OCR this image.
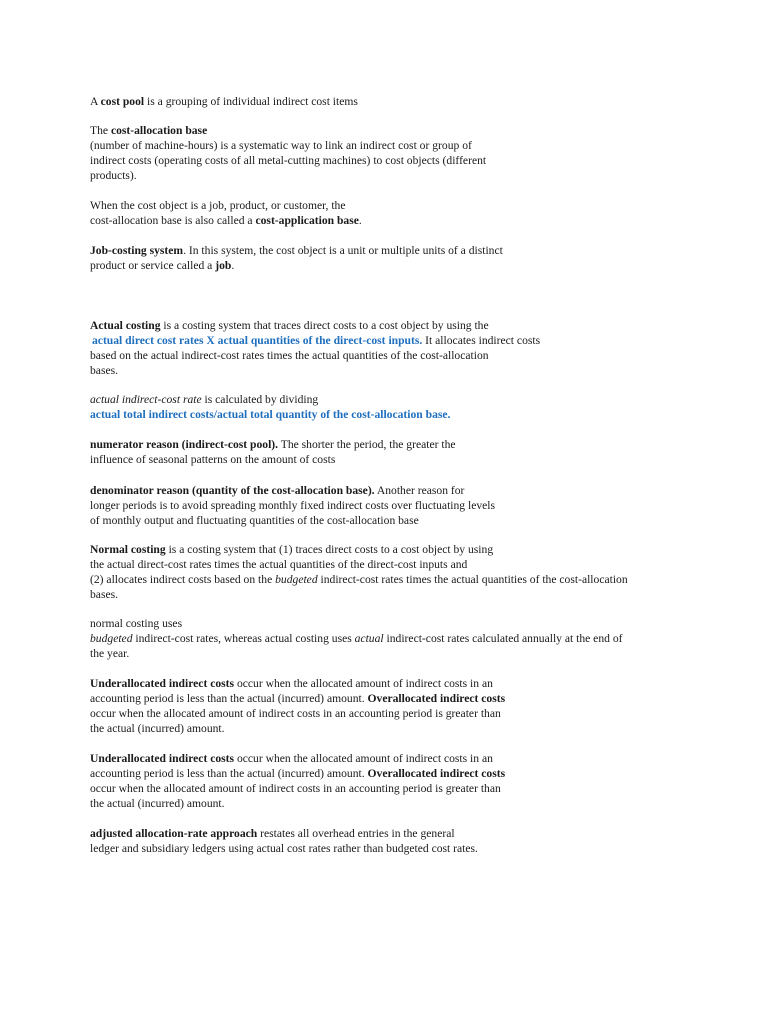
A cost pool is a grouping of individual indirect cost items
The cost-allocation base
(number of machine-hours) is a systematic way to link an indirect cost or group of
indirect costs (operating costs of all metal-cutting machines) to cost objects (different
products).
When the cost object is a job, product, or customer, the
cost-allocation base is also called a cost-application base.
Job-costing system. In this system, the cost object is a unit or multiple units of a distinct
product or service called a job.
Actual costing is a costing system that traces direct costs to a cost object by using the
actual direct cost rates X actual quantities of the direct-cost inputs. It allocates indirect costs
based on the actual indirect-cost rates times the actual quantities of the cost-allocation
bases.
actual indirect-cost rate is calculated by dividing
actual total indirect costs/actual total quantity of the cost-allocation base.
numerator reason (indirect-cost pool). The shorter the period, the greater the
influence of seasonal patterns on the amount of costs
denominator reason (quantity of the cost-allocation base). Another reason for
longer periods is to avoid spreading monthly fixed indirect costs over fluctuating levels
of monthly output and fluctuating quantities of the cost-allocation base
Normal costing is a costing system that (1) traces direct costs to a cost object by using
the actual direct-cost rates times the actual quantities of the direct-cost inputs and
(2) allocates indirect costs based on the budgeted indirect-cost rates times the actual quantities of the cost-allocation
bases.
normal costing uses
budgeted indirect-cost rates, whereas actual costing uses actual indirect-cost rates calculated annually at the end of
the year.
Underallocated indirect costs occur when the allocated amount of indirect costs in an
accounting period is less than the actual (incurred) amount. Overallocated indirect costs
occur when the allocated amount of indirect costs in an accounting period is greater than
the actual (incurred) amount.
Underallocated indirect costs occur when the allocated amount of indirect costs in an
accounting period is less than the actual (incurred) amount. Overallocated indirect costs
occur when the allocated amount of indirect costs in an accounting period is greater than
the actual (incurred) amount.
adjusted allocation-rate approach restates all overhead entries in the general
ledger and subsidiary ledgers using actual cost rates rather than budgeted cost rates.
